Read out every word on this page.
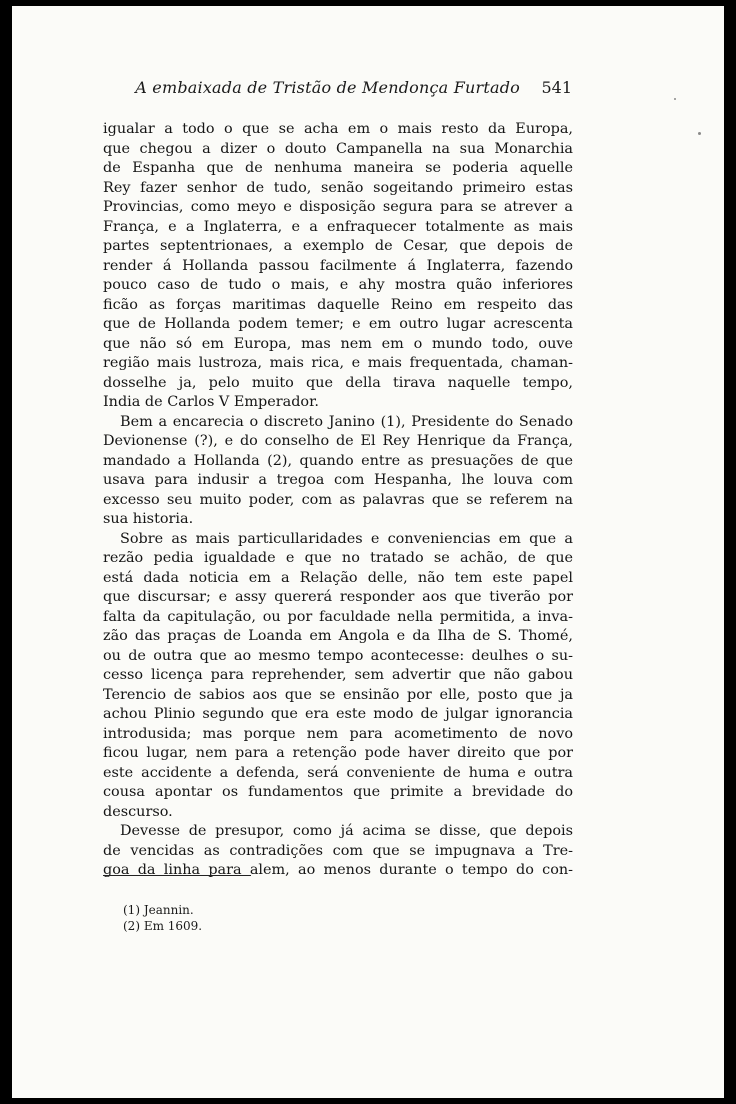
A embaixada de Tristão de Mendonça Furtado 541
igualar a todo o que se acha em o mais resto da Europa,
que chegou a dizer o douto Campanella na sua Monarchia
de Espanha que de nenhuma maneira se poderia aquelle
Rey fazer senhor de tudo, senão sogeitando primeiro estas
Provincias, como meyo e disposição segura para se atrever a
França, e a Inglaterra, e a enfraquecer totalmente as mais
partes septentrionaes, a exemplo de Cesar, que depois de
render á Hollanda passou facilmente á Inglaterra, fazendo
pouco caso de tudo o mais, e ahy mostra quão inferiores
ficão as forças maritimas daquelle Reino em respeito das
que de Hollanda podem temer; e em outro lugar acrescenta
que não só em Europa, mas nem em o mundo todo, ouve
região mais lustroza, mais rica, e mais frequentada, chaman-
dosselhe ja, pelo muito que della tirava naquelle tempo,
India de Carlos V Emperador.
Bem a encarecia o discreto Janino (1), Presidente do Senado
Devionense (?), e do conselho de El Rey Henrique da França,
mandado a Hollanda (2), quando entre as presuações de que
usava para indusir a tregoa com Hespanha, lhe louva com
excesso seu muito poder, com as palavras que se referem na
sua historia.
Sobre as mais particullaridades e conveniencias em que a
rezão pedia igualdade e que no tratado se achão, de que
está dada noticia em a Relação delle, não tem este papel
que discursar; e assy quererá responder aos que tiverão por
falta da capitulação, ou por faculdade nella permitida, a inva-
zão das praças de Loanda em Angola e da Ilha de S. Thomé,
ou de outra que ao mesmo tempo acontecesse: deulhes o su-
cesso licença para reprehender, sem advertir que não gabou
Terencio de sabios aos que se ensinão por elle, posto que ja
achou Plinio segundo que era este modo de julgar ignorancia
introdusida; mas porque nem para acometimento de novo
ficou lugar, nem para a retenção pode haver direito que por
este accidente a defenda, será conveniente de huma e outra
cousa apontar os fundamentos que primite a brevidade do
descurso.
Devesse de presupor, como já acima se disse, que depois
de vencidas as contradições com que se impugnava a Tre-
goa da linha para alem, ao menos durante o tempo do con-
(1) Jeannin.
(2) Em 1609.
